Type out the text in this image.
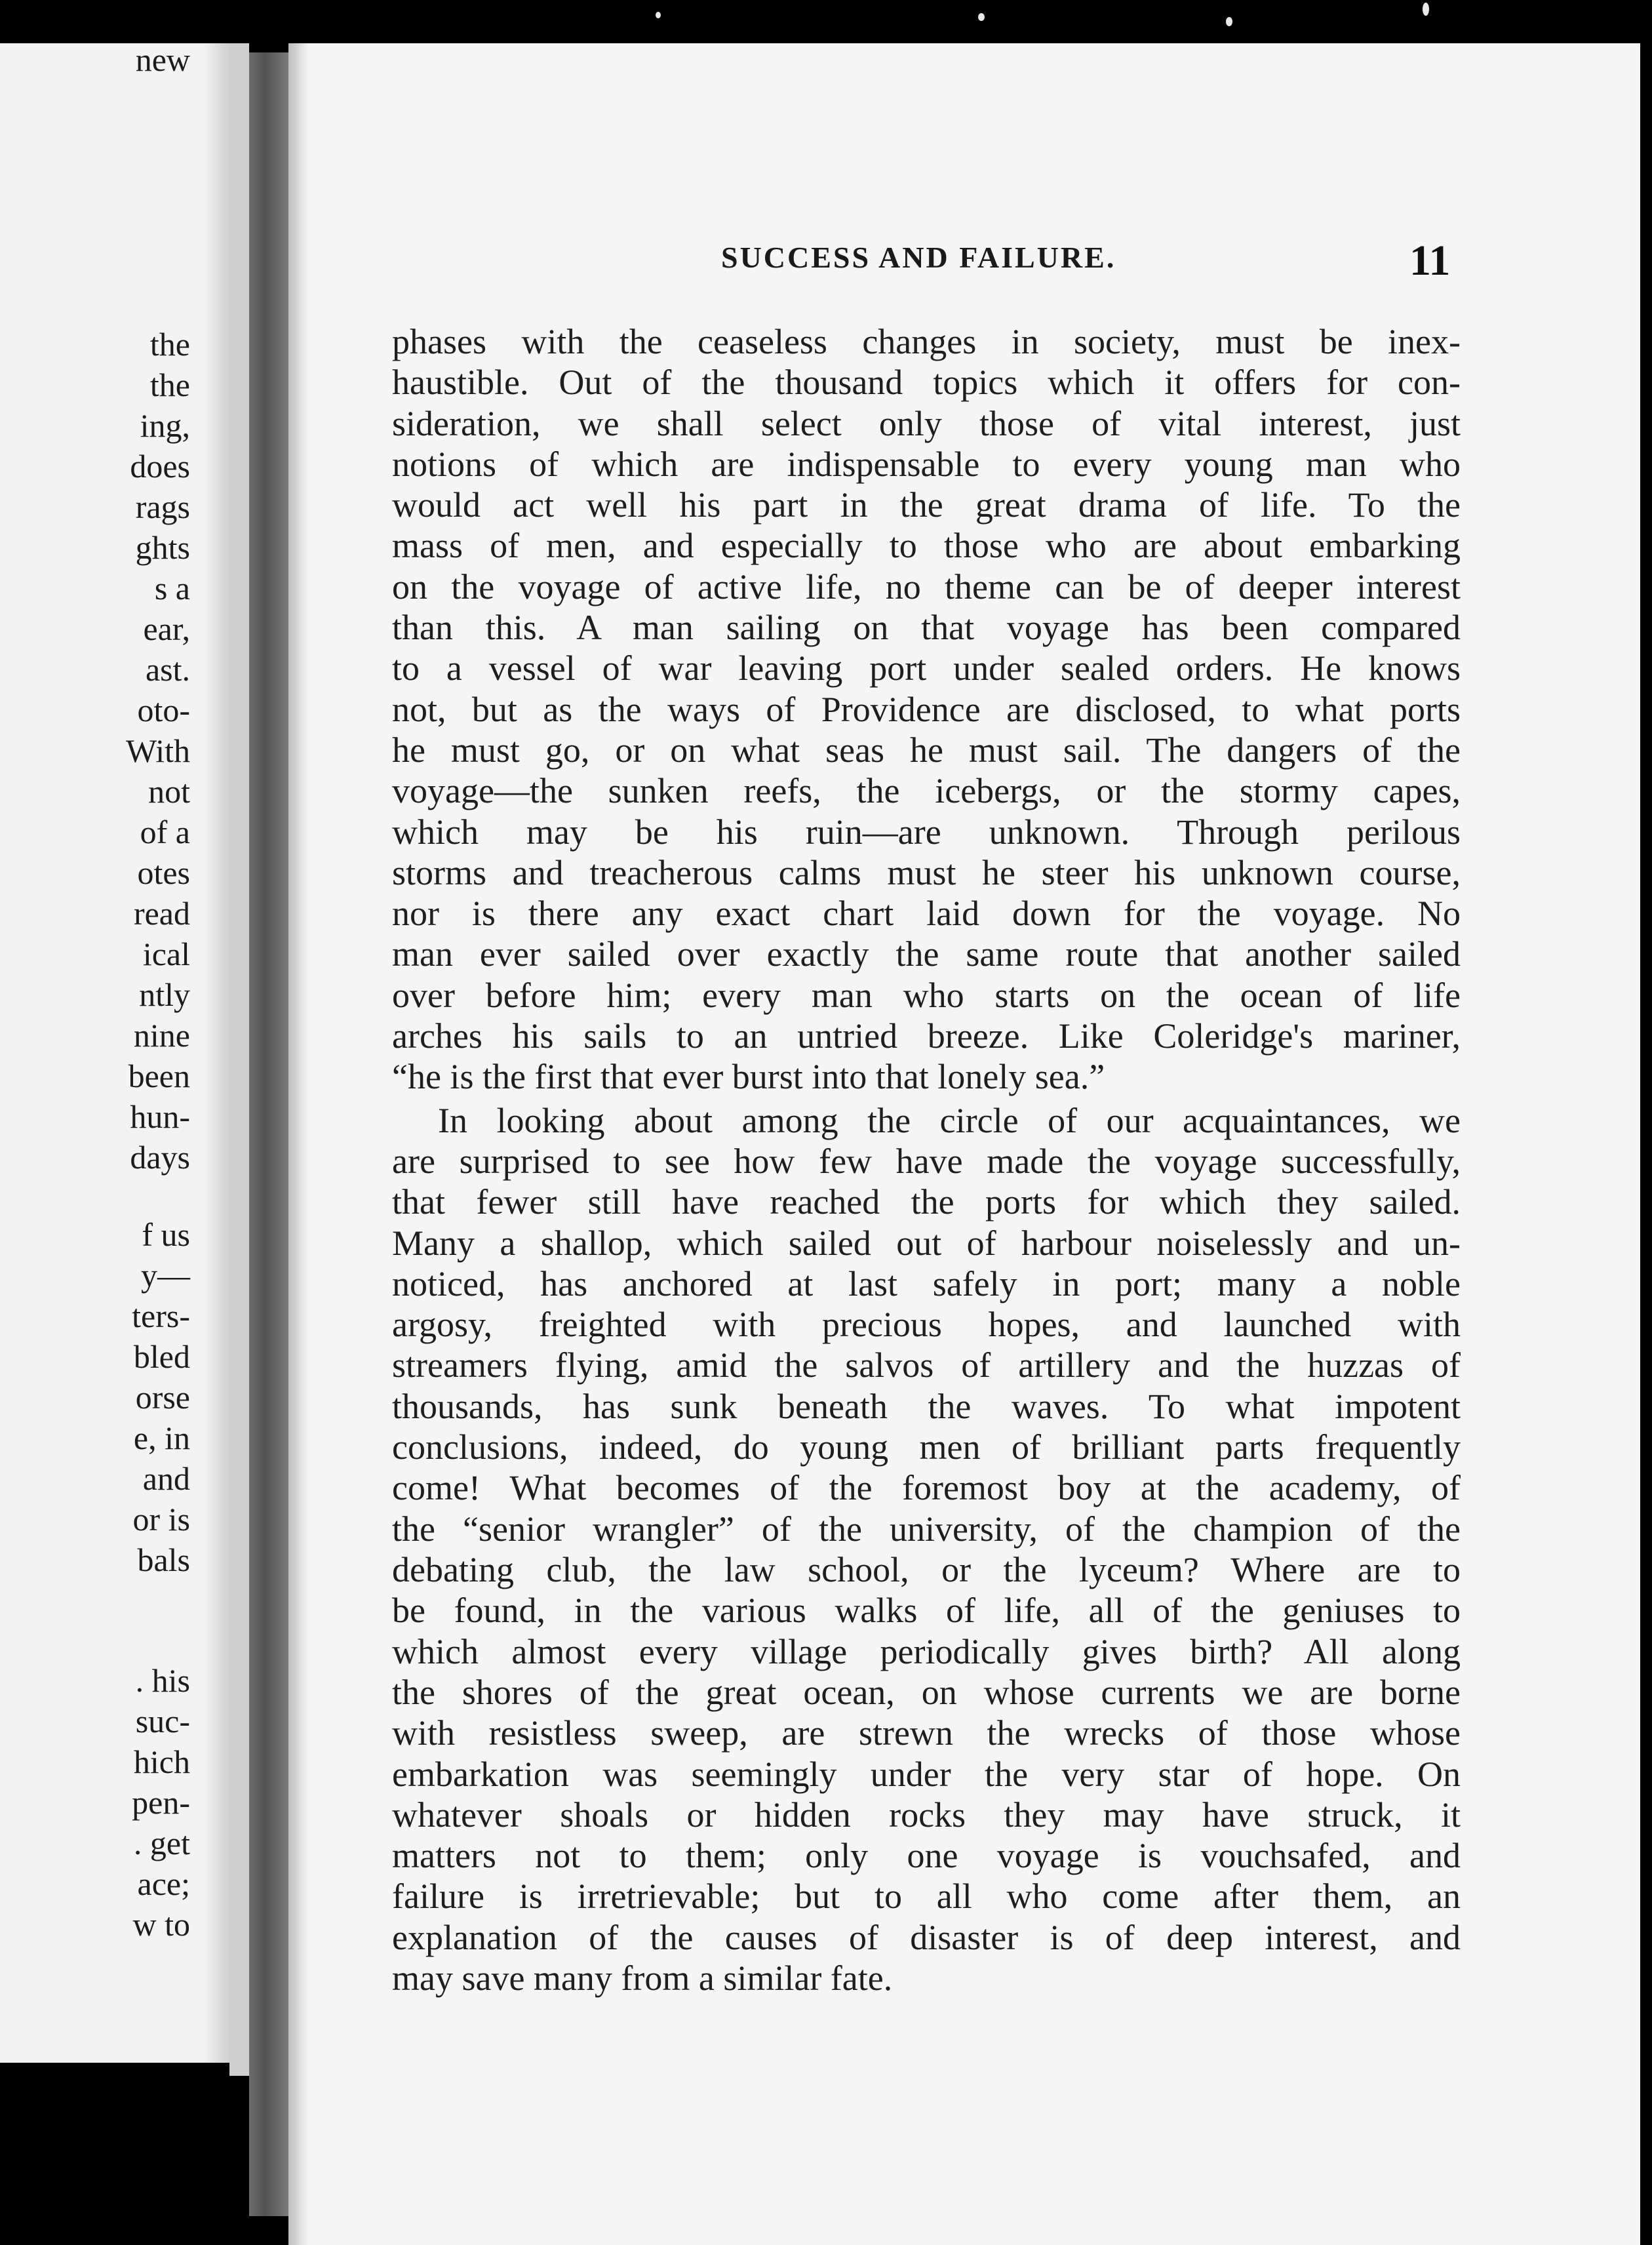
the
the
ing,
does
rags
ghts
s a
ear,
ast.
oto-
With
not
of a
otes
read
ical
ntly
nine
been
hun-
days
f us
y—
ters-
bled
orse
e, in
and
or is
bals
. his
suc-
hich
pen-
. get
ace;
w to
new
SUCCESS AND FAILURE.	11
phases with the ceaseless changes in society, must be inex-
haustible. Out of the thousand topics which it offers for con-
sideration, we shall select only those of vital interest, just
notions of which are indispensable to every young man who
would act well his part in the great drama of life. To the
mass of men, and especially to those who are about embarking
on the voyage of active life, no theme can be of deeper interest
than this. A man sailing on that voyage has been compared
to a vessel of war leaving port under sealed orders. He knows
not, but as the ways of Providence are disclosed, to what ports
he must go, or on what seas he must sail. The dangers of the
voyage—the sunken reefs, the icebergs, or the stormy capes,
which may be his ruin—are unknown. Through perilous
storms and treacherous calms must he steer his unknown course,
nor is there any exact chart laid down for the voyage. No
man ever sailed over exactly the same route that another sailed
over before him; every man who starts on the ocean of life
arches his sails to an untried breeze. Like Coleridge's mariner,
“he is the first that ever burst into that lonely sea.”
In looking about among the circle of our acquaintances, we
are surprised to see how few have made the voyage successfully,
that fewer still have reached the ports for which they sailed.
Many a shallop, which sailed out of harbour noiselessly and un-
noticed, has anchored at last safely in port; many a noble
argosy, freighted with precious hopes, and launched with
streamers flying, amid the salvos of artillery and the huzzas of
thousands, has sunk beneath the waves. To what impotent
conclusions, indeed, do young men of brilliant parts frequently
come! What becomes of the foremost boy at the academy, of
the “senior wrangler” of the university, of the champion of the
debating club, the law school, or the lyceum? Where are to
be found, in the various walks of life, all of the geniuses to
which almost every village periodically gives birth? All along
the shores of the great ocean, on whose currents we are borne
with resistless sweep, are strewn the wrecks of those whose
embarkation was seemingly under the very star of hope. On
whatever shoals or hidden rocks they may have struck, it
matters not to them; only one voyage is vouchsafed, and
failure is irretrievable; but to all who come after them, an
explanation of the causes of disaster is of deep interest, and
may save many from a similar fate.
